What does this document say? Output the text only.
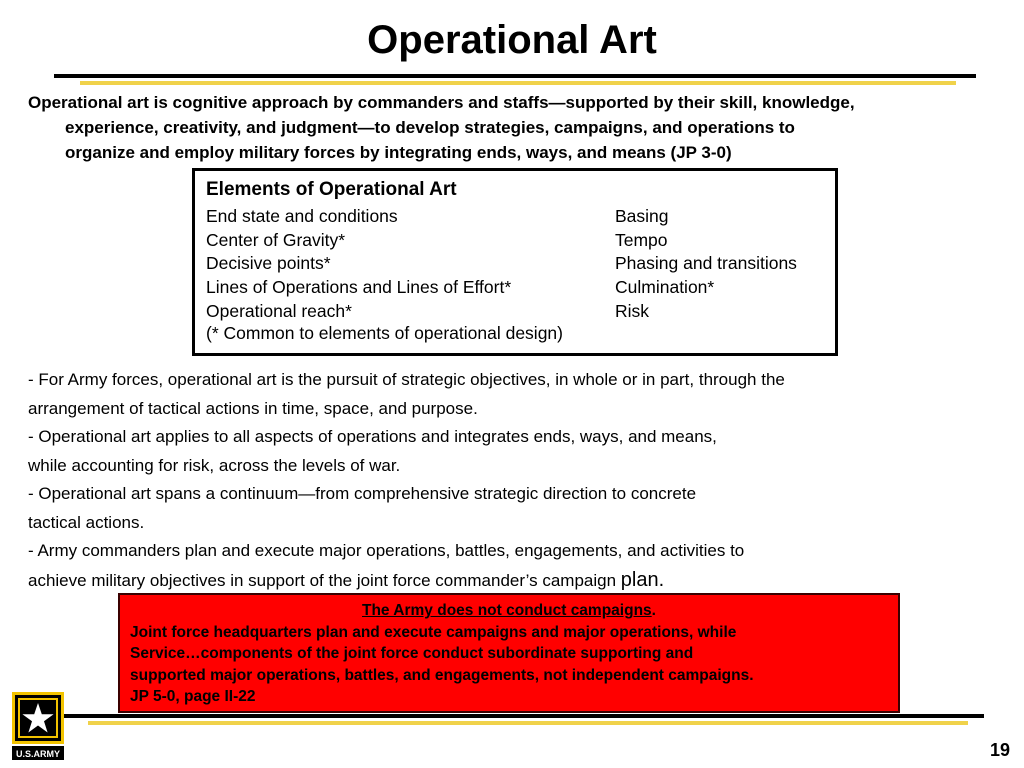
Operational Art
Operational art is cognitive approach by commanders and staffs—supported by their skill, knowledge,
experience, creativity, and judgment—to develop strategies, campaigns, and operations to
organize and employ military forces by integrating ends, ways, and means (JP 3-0)
Elements of Operational Art
End state and conditions
Center of Gravity*
Decisive points*
Lines of Operations and Lines of Effort*
Operational reach*
Basing
Tempo
Phasing and transitions
Culmination*
Risk
(* Common to elements of operational design)
- For Army forces, operational art is the pursuit of strategic objectives, in whole or in part, through the
arrangement of tactical actions in time, space, and purpose.
- Operational art applies to all aspects of operations and integrates ends, ways, and means,
while accounting for risk, across the levels of war.
- Operational art spans a continuum—from comprehensive strategic direction to concrete
tactical actions.
- Army commanders plan and execute major operations, battles, engagements, and activities to
achieve military objectives in support of the joint force commander’s campaign plan.
The Army does not conduct campaigns.
Joint force headquarters plan and execute campaigns and major operations, while
Service…components of the joint force conduct subordinate supporting and
supported major operations, battles, and engagements, not independent campaigns.
JP 5-0, page II-22
U.S.ARMY	19
